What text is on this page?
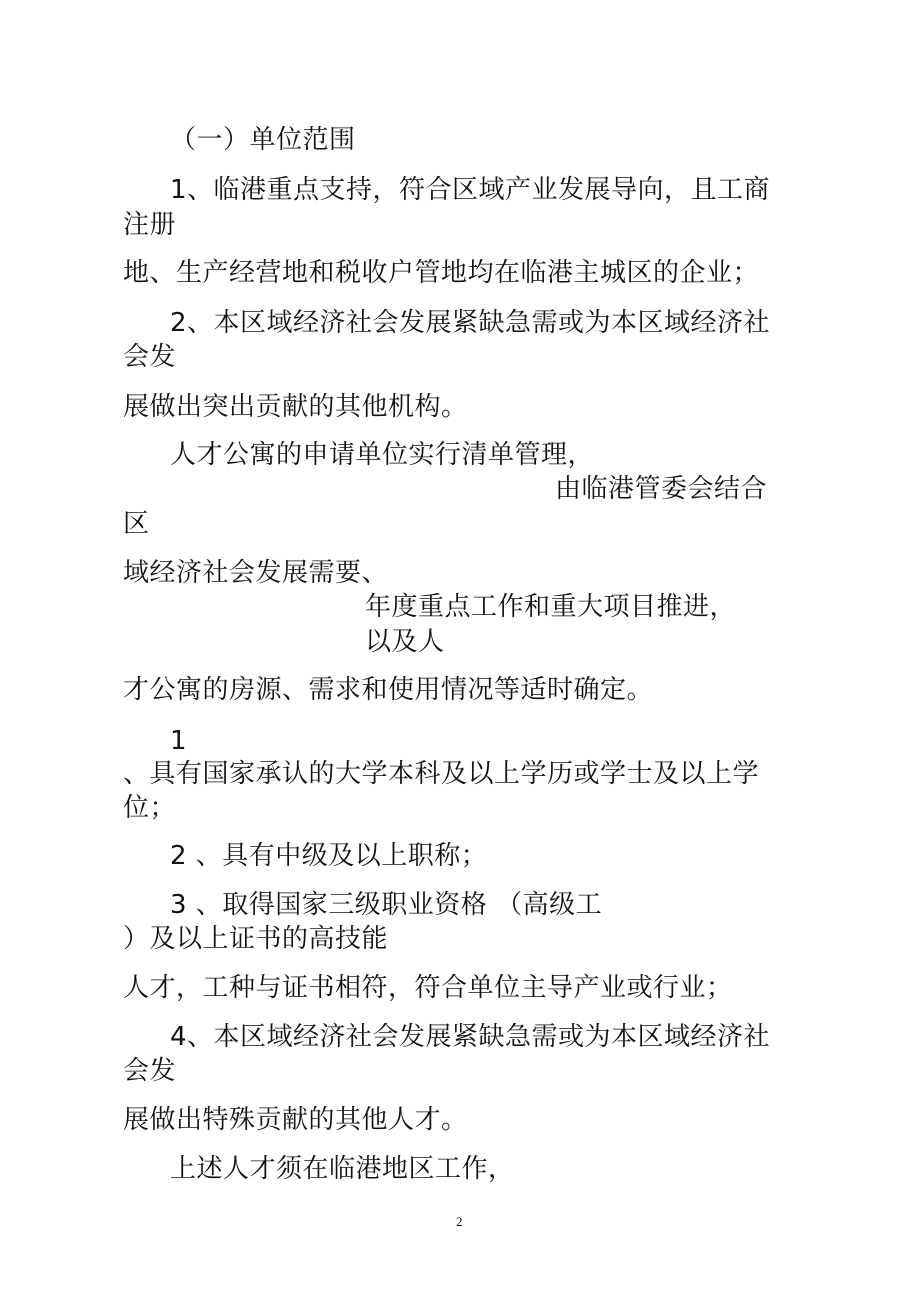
（一）单位范围
1、临港重点支持，符合区域产业发展导向，且工商
注册
地、生产经营地和税收户管地均在临港主城区的企业；
2、本区域经济社会发展紧缺急需或为本区域经济社
会发
展做出突出贡献的其他机构。
人才公寓的申请单位实行清单管理，
由临港管委会结合
区
域经济社会发展需要、
年度重点工作和重大项目推进，
以及人
才公寓的房源、需求和使用情况等适时确定。
1
、具有国家承认的大学本科及以上学历或学士及以上学
位；
2 、具有中级及以上职称；
3 、取得国家三级职业资格 （高级工
）及以上证书的高技能
人才，工种与证书相符，符合单位主导产业或行业；
4、本区域经济社会发展紧缺急需或为本区域经济社
会发
展做出特殊贡献的其他人才。
上述人才须在临港地区工作，
2
